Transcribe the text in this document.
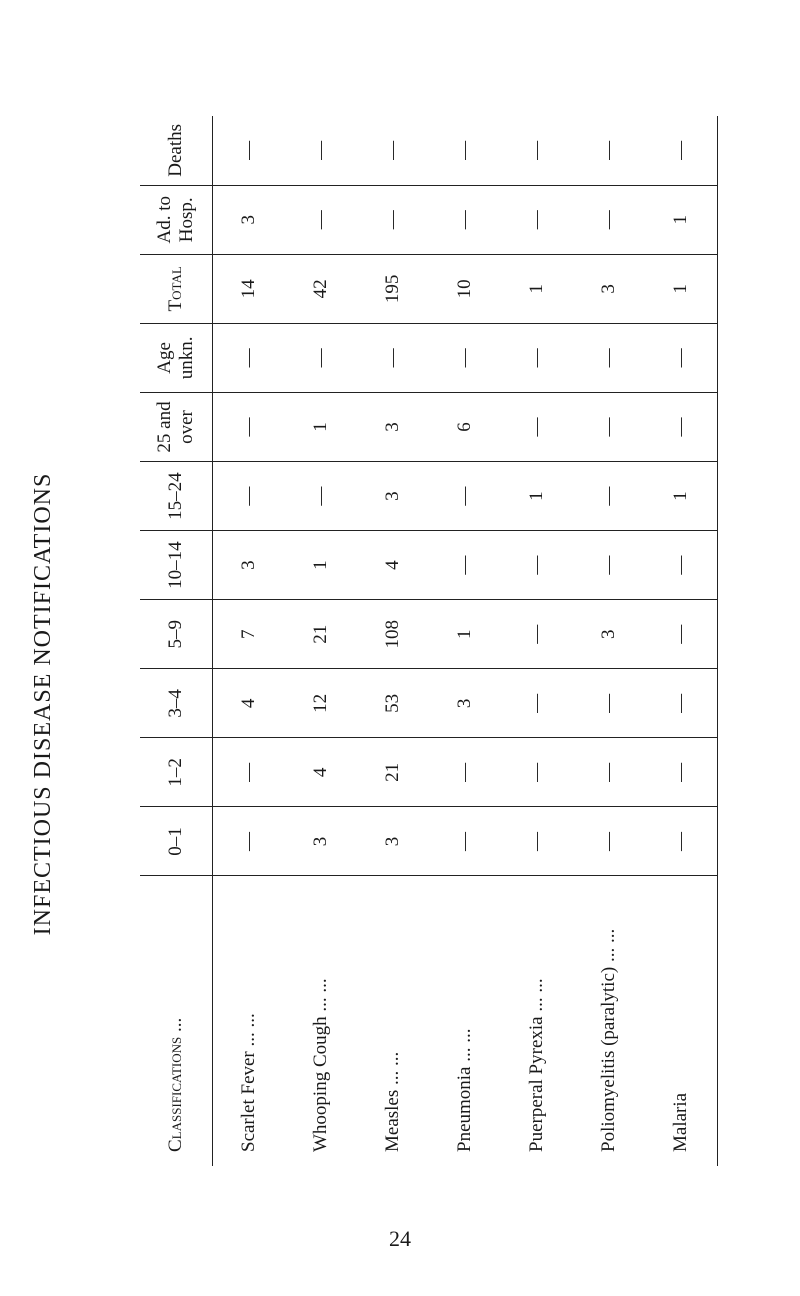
INFECTIOUS DISEASE NOTIFICATIONS
Classifications ...	0–1	1–2	3–4	5–9	10–14	15–24	25 and over	Age unkn.	Total	Ad. to Hosp.	Deaths
Scarlet Fever ... ...	—	—	4	7	3	—	—	—	14	3	—
Whooping Cough ... ...	3	4	12	21	1	—	1	—	42	—	—
Measles ... ...	3	21	53	108	4	3	3	—	195	—	—
Pneumonia ... ...	—	—	3	1	—	—	6	—	10	—	—
Puerperal Pyrexia ... ...	—	—	—	—	—	1	—	—	1	—	—
Poliomyelitis (paralytic) ... ...	—	—	—	3	—	—	—	—	3	—	—
Malaria	—	—	—	—	—	1	—	—	1	1	—
24
